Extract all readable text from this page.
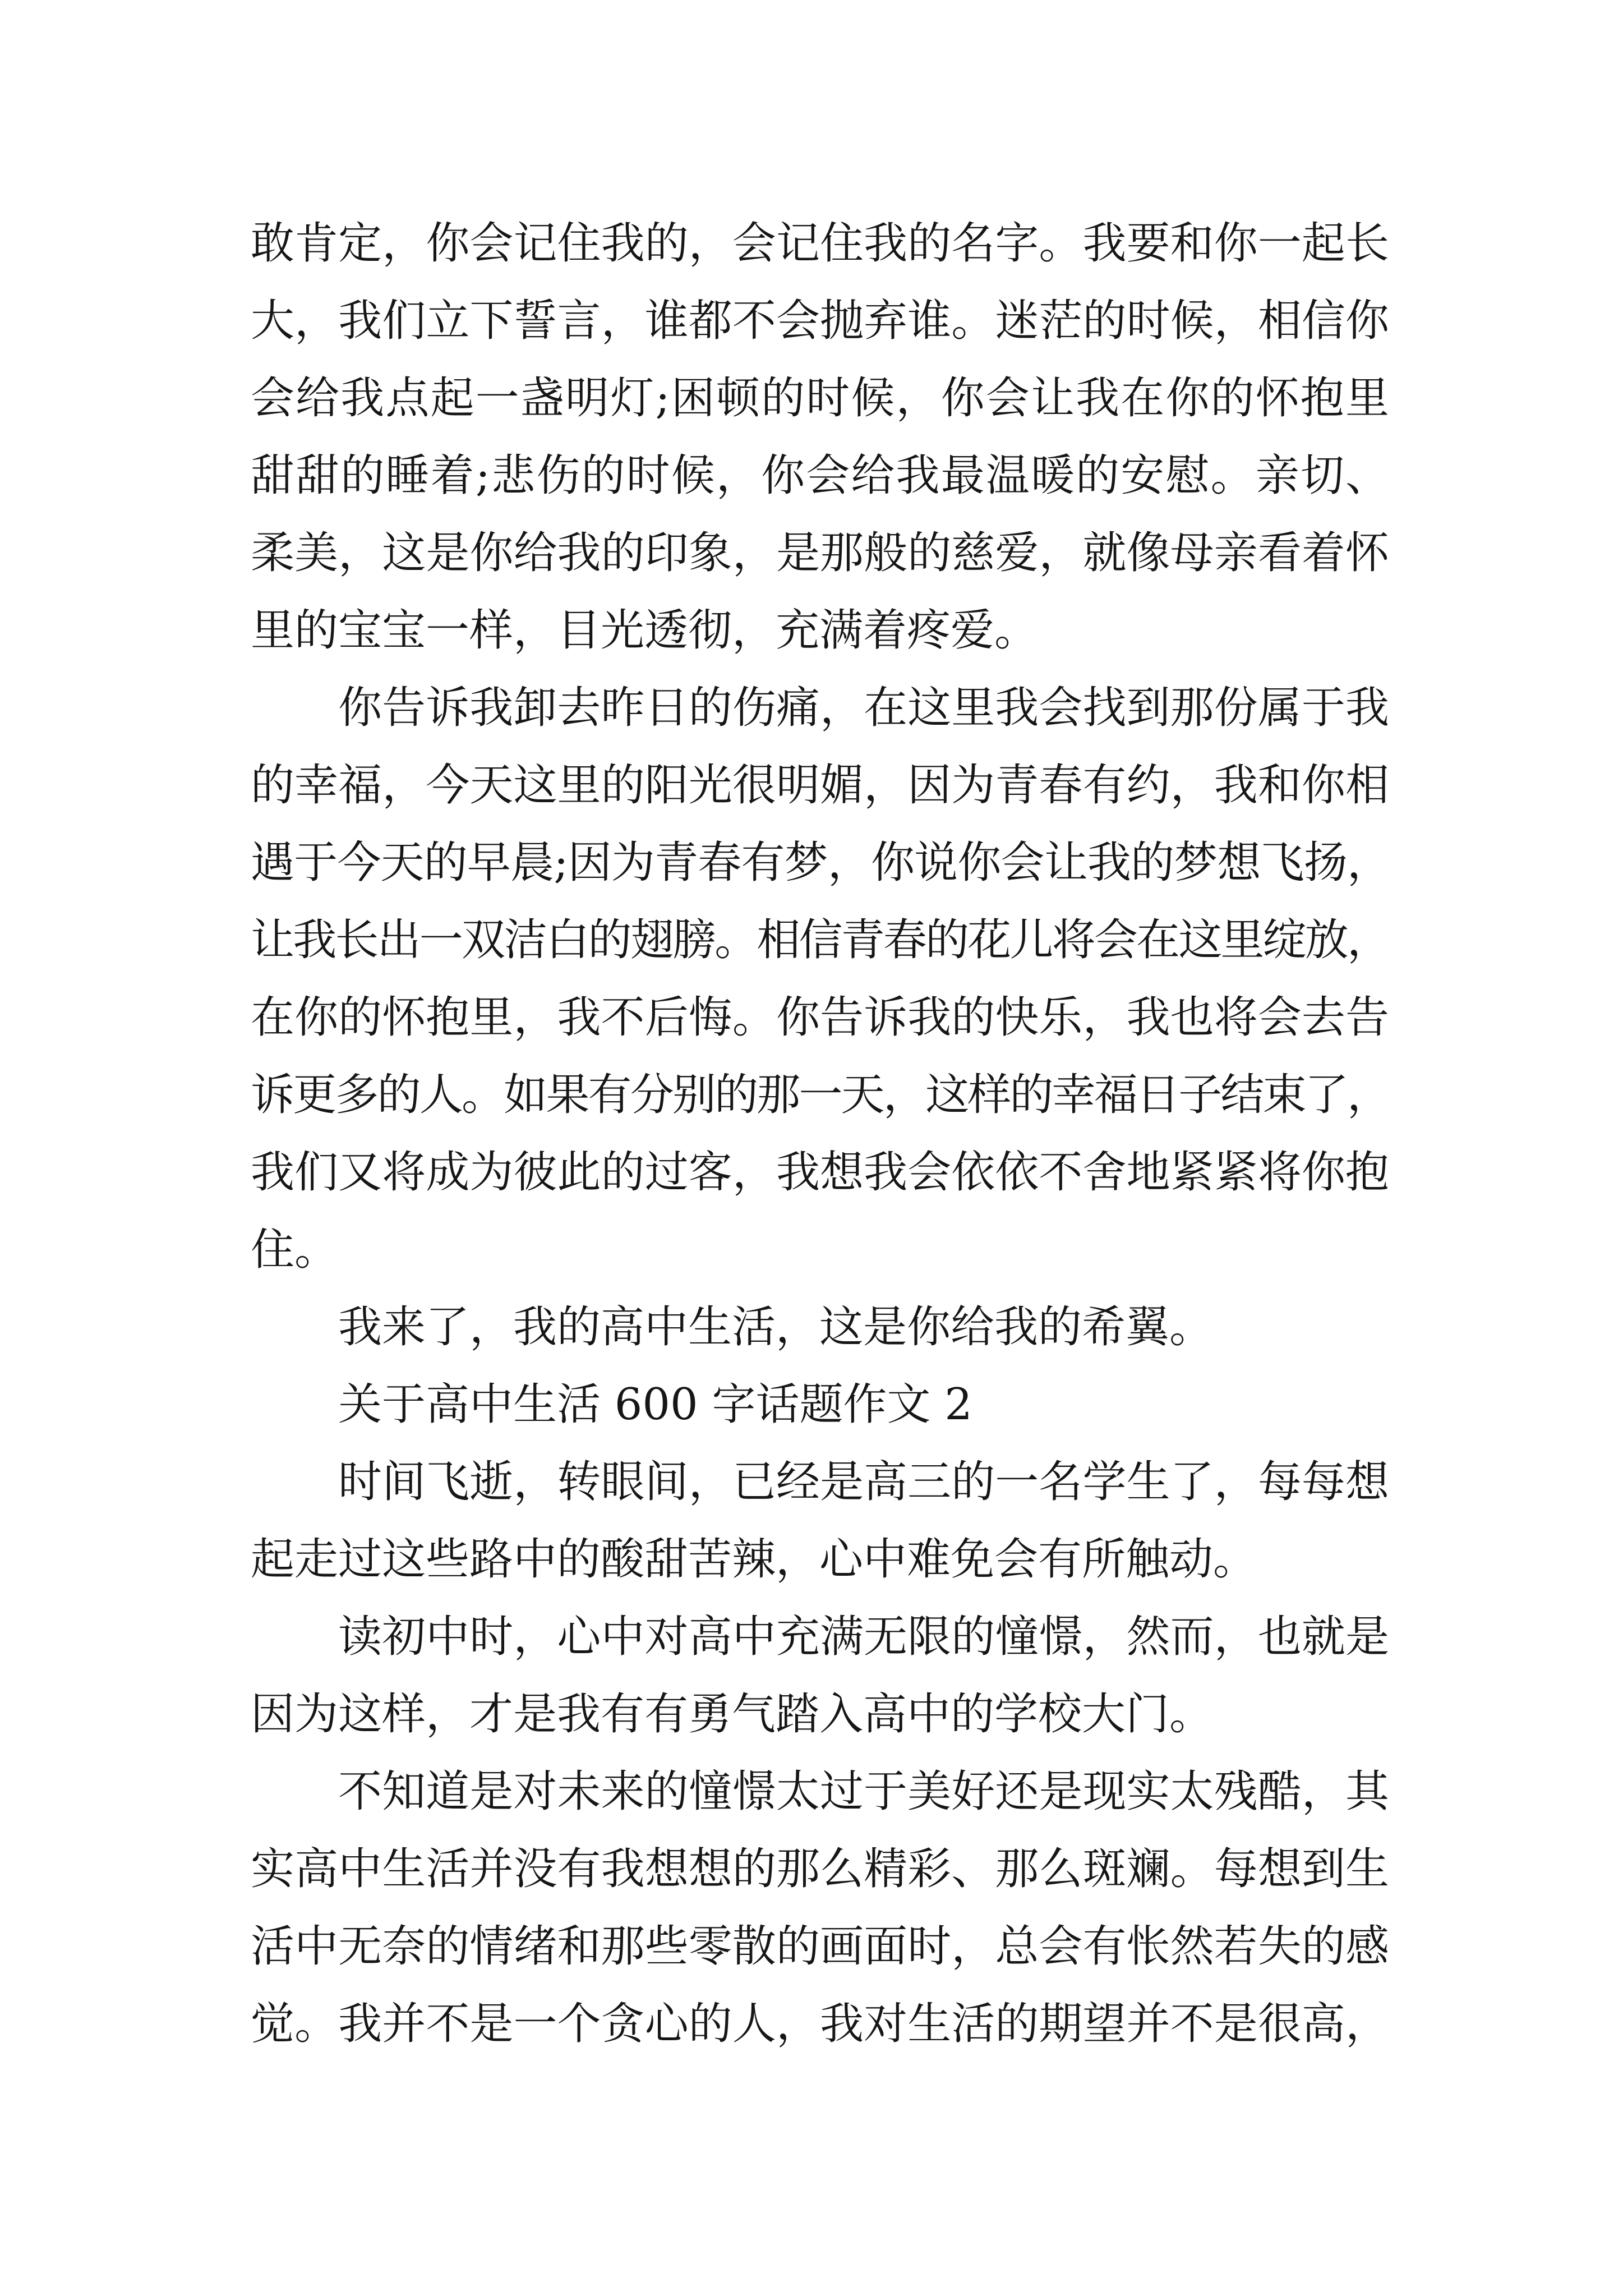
敢肯定，你会记住我的，会记住我的名字。我要和你一起长
大，我们立下誓言，谁都不会抛弃谁。迷茫的时候，相信你
会给我点起一盏明灯;困顿的时候，你会让我在你的怀抱里
甜甜的睡着;悲伤的时候，你会给我最温暖的安慰。亲切、
柔美，这是你给我的印象，是那般的慈爱，就像母亲看着怀
里的宝宝一样，目光透彻，充满着疼爱。
你告诉我卸去昨日的伤痛，在这里我会找到那份属于我
的幸福，今天这里的阳光很明媚，因为青春有约，我和你相
遇于今天的早晨;因为青春有梦，你说你会让我的梦想飞扬，
让我长出一双洁白的翅膀。相信青春的花儿将会在这里绽放，
在你的怀抱里，我不后悔。你告诉我的快乐，我也将会去告
诉更多的人。如果有分别的那一天，这样的幸福日子结束了，
我们又将成为彼此的过客，我想我会依依不舍地紧紧将你抱
住。
我来了，我的高中生活，这是你给我的希翼。
关于高中生活 600 字话题作文 2
时间飞逝，转眼间，已经是高三的一名学生了，每每想
起走过这些路中的酸甜苦辣，心中难免会有所触动。
读初中时，心中对高中充满无限的憧憬，然而，也就是
因为这样，才是我有有勇气踏入高中的学校大门。
不知道是对未来的憧憬太过于美好还是现实太残酷，其
实高中生活并没有我想想的那么精彩、那么斑斓。每想到生
活中无奈的情绪和那些零散的画面时，总会有怅然若失的感
觉。我并不是一个贪心的人，我对生活的期望并不是很高，
